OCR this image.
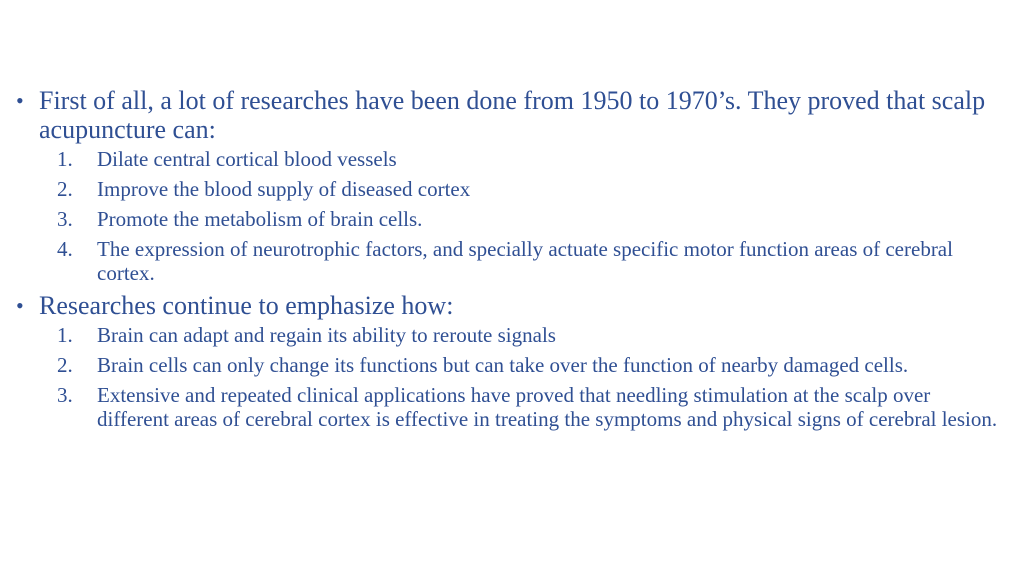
• First of all, a lot of researches have been done from 1950 to 1970’s. They proved that scalp acupuncture can:
1. Dilate central cortical blood vessels
2. Improve the blood supply of diseased cortex
3. Promote the metabolism of brain cells.
4. The expression of neurotrophic factors, and specially actuate specific motor function areas of cerebral cortex.
• Researches continue to emphasize how:
1. Brain can adapt and regain its ability to reroute signals
2. Brain cells can only change its functions but can take over the function of nearby damaged cells.
3. Extensive and repeated clinical applications have proved that needling stimulation at the scalp over different areas of cerebral cortex is effective in treating the symptoms and physical signs of cerebral lesion.
